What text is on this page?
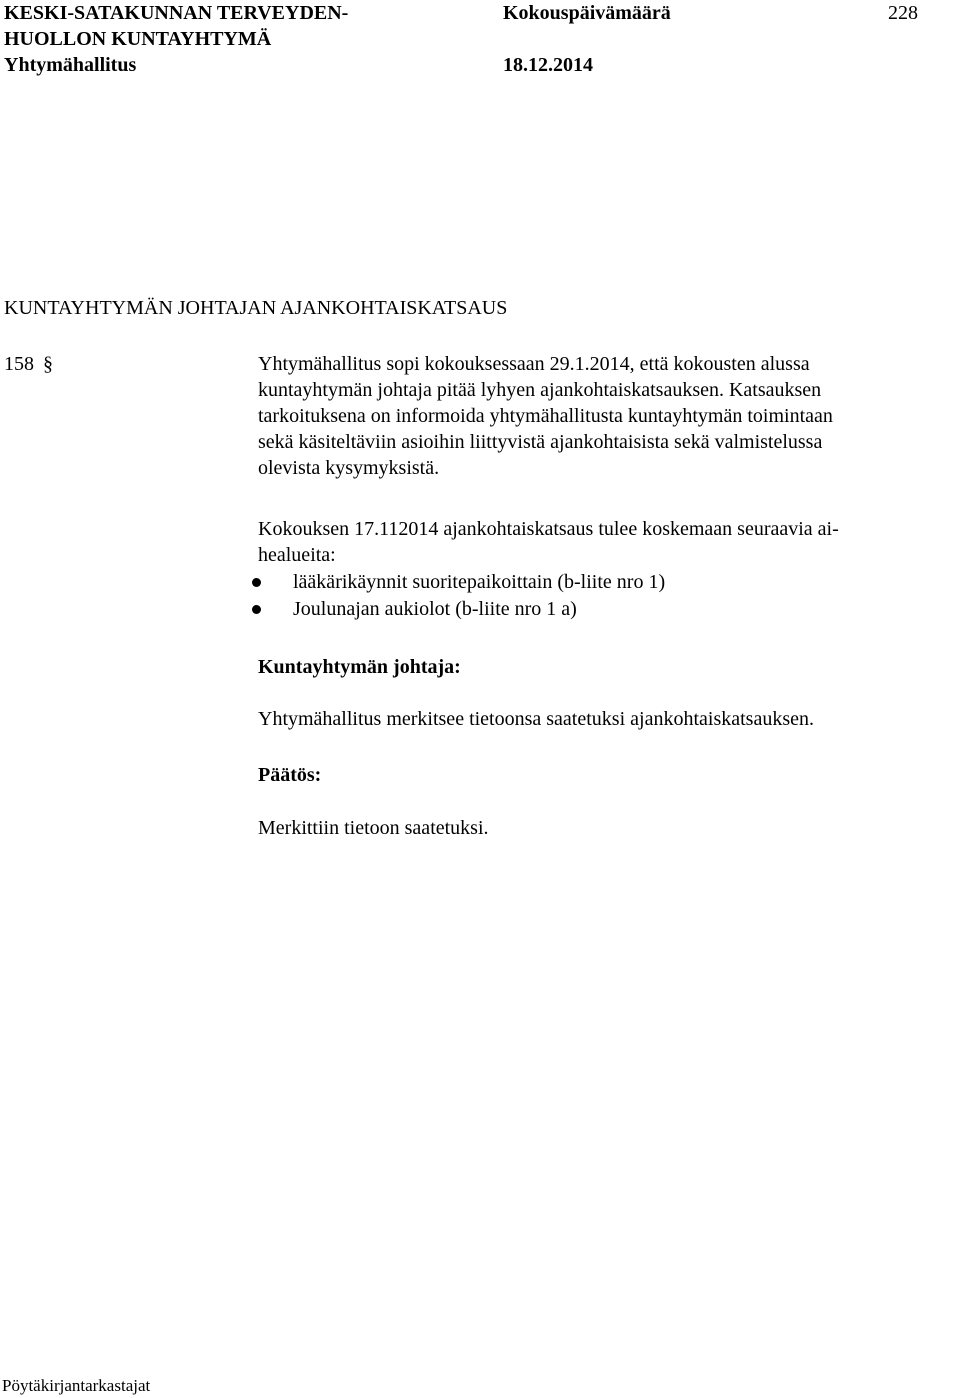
KESKI-SATAKUNNAN TERVEYDEN-
HUOLLON KUNTAYHTYMÄ
Yhtymähallitus
Kokouspäivämäärä
18.12.2014
228
KUNTAYHTYMÄN JOHTAJAN AJANKOHTAISKATSAUS
158 §	Yhtymähallitus sopi kokouksessaan 29.1.2014, että kokousten alussa
kuntayhtymän johtaja pitää lyhyen ajankohtaiskatsauksen. Katsauksen
tarkoituksena on informoida yhtymähallitusta kuntayhtymän toimintaan
sekä käsiteltäviin asioihin liittyvistä ajankohtaisista sekä valmistelussa
olevista kysymyksistä.
Kokouksen 17.112014 ajankohtaiskatsaus tulee koskemaan seuraavia ai-
healueita:
lääkärikäynnit suoritepaikoittain (b-liite nro 1)
Joulunajan aukiolot (b-liite nro 1 a)
Kuntayhtymän johtaja:
Yhtymähallitus merkitsee tietoonsa saatetuksi ajankohtaiskatsauksen.
Päätös:
Merkittiin tietoon saatetuksi.
Pöytäkirjantarkastajat
